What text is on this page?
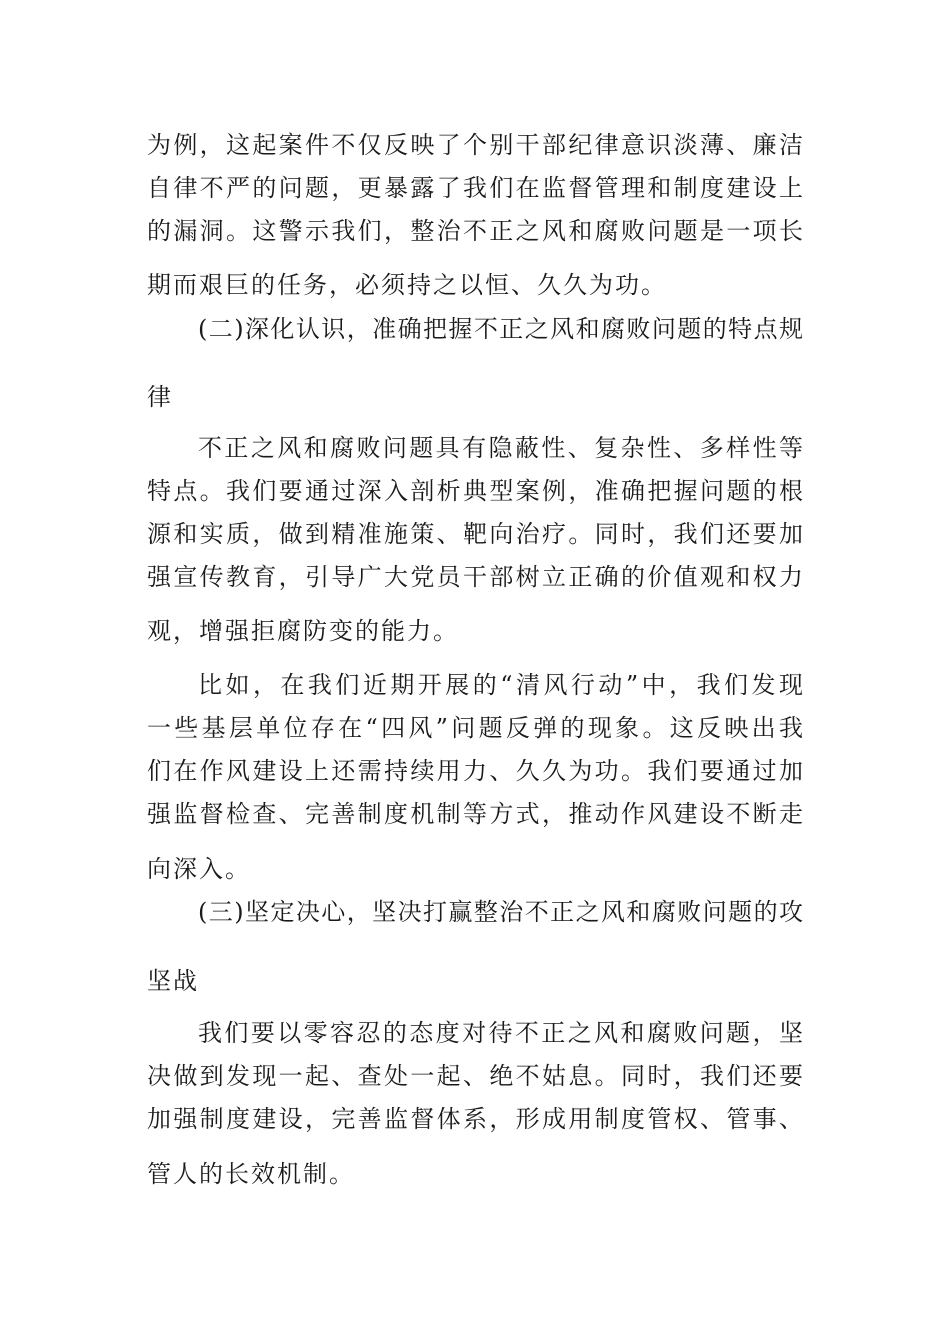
为例，这起案件不仅反映了个别干部纪律意识淡薄、廉洁
自律不严的问题，更暴露了我们在监督管理和制度建设上
的漏洞。这警示我们，整治不正之风和腐败问题是一项长
期而艰巨的任务，必须持之以恒、久久为功。
(二)深化认识，准确把握不正之风和腐败问题的特点规
律
不正之风和腐败问题具有隐蔽性、复杂性、多样性等
特点。我们要通过深入剖析典型案例，准确把握问题的根
源和实质，做到精准施策、靶向治疗。同时，我们还要加
强宣传教育，引导广大党员干部树立正确的价值观和权力
观，增强拒腐防变的能力。
比如，在我们近期开展的“清风行动”中，我们发现
一些基层单位存在“四风”问题反弹的现象。这反映出我
们在作风建设上还需持续用力、久久为功。我们要通过加
强监督检查、完善制度机制等方式，推动作风建设不断走
向深入。
(三)坚定决心，坚决打赢整治不正之风和腐败问题的攻
坚战
我们要以零容忍的态度对待不正之风和腐败问题，坚
决做到发现一起、查处一起、绝不姑息。同时，我们还要
加强制度建设，完善监督体系，形成用制度管权、管事、
管人的长效机制。
